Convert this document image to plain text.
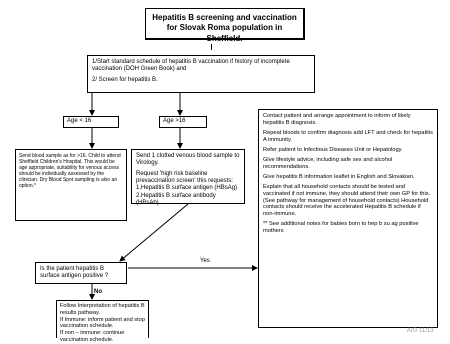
Hepatitis B screening and vaccination for Slovak Roma population in Sheffield.

1/Start standard schedule of hepatitis B vaccination if history of incomplete vaccination (DOH Green Book) and

2/ Screen for hepatitis B.

Age < 16	Age >16
Send blood sample as for >16. Child to attend Sheffield Children's Hospital. This would be age appropriate, suitability for venous access should be individually assessed by the clinician. Dry Blood Spot sampling is also an option.*

Send 1 clotted venous blood sample to Virology.

Request 'high risk baseline prevaccination screen' this requests:

1.Hepatitis B surface antigen (HBsAg)

2.Hepatitis B surface antibody (HBsAb)

Contact patient and arrange appointment to inform of likely hepatitis B diagnosis.

Repeat bloods to confirm diagnosis add LFT and check for hepatitis A immunity.

Refer patient to Infectious Diseases Unit or Hepatology.

Give lifestyle advice, including safe sex and alcohol recommendations.

Give hepatitis B information leaflet in English and Slovakian.

Explain that all household contacts should be tested and vaccinated if not immune, they should attend their own GP for this. (See pathway for management of household contacts) Household contacts should receive the accelerated Hepatitis B schedule if non-immune.

** See additional notes for babies born to hep b su ag positive mothers

Is the patient hepatitis B surface antigen positive ?

Follow Interpretation of hepatitis B results pathway.

If Immune: inform patient and stop vaccination schedule.

If non – immune: continue vaccination schedule.

Yes
No
A/G 11/13
